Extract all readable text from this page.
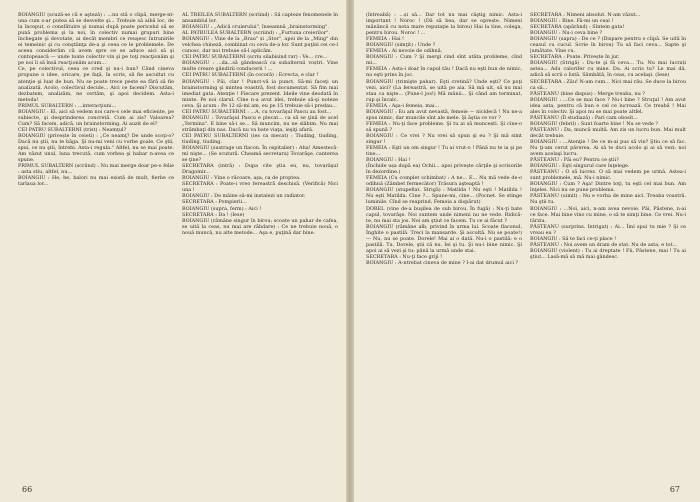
BOIANGIU (scuză-se că e aşteză) : ...nu stă o clipă, merge-nt-una cum s-ar putea să se desvelte şi... Trebuie să aibă loc, de la început, o consfătuire şi numai după poate pericelul să se pună problema şi la noi, în colectiv numai grupuri bine închegate şi devotate, ai decât membri ce reuşesc întrunirile ei temeinic şi cu conştiinţa de-a şi ceea ce le problemele. De aceea considerăm că avem spre ce se aduce aici să şi contopească — unde toate colectiv vin şi pe toţi reacţionăm şi pe noi îi să însă reacţionăm acum...

Ce, pe colectivul, ceea ce cred şi nu-i bun? Când cineva propune o idee, oricare, pe faţă, în scris, să fie ascultat cu atenţie şi luat de bun. Nu se poate trece peste ea fără să fie analizată. Acolo, colectivul decide... Aici ce facem? Discutăm, dezbatem, analizăm, ne certăm, şi apoi decidem. Asta-i metoda!

PRIMUL SUBALTERN : ...interacţiuni...

BOIANGIU : El, aici să vedem noi care-s cele mai eficiente, pe subiecte, şi desprinderea concretă. Cum ai zis? Valoarea? Cum? Să facem, adică, un brainstorming. Ai auzit de el?

CEI PATRU SUBALTERNI (trist) : Neamţul?

BOIANGIU (privește în ceieti) : „Ce neamţ? De unde scoţi-o? Dacă nu ştii, nu te băga. Şi nu-mi veni cu vorbe goale. Ce ştii, spui, ce nu ştii, întrebi. Asta-i regula." Altfel, nu se mai poate. Am văzut unul, luna trecută, cum vorbea şi habar n-avea ce spune.

PRIMUL SUBALTERN (scriind) : Nu mai merge doar pe-o felie : asta stiu, altfel, nu...

BOIANGIU : He, he, halori nu mai există de mult, fierbe ce tarlaua lor...

AL TREILEA SUBALTERN (scriind) : Să capteze fenomenele în ansamblul lor.

BOIANGIU : „Adică cruierului", înseamnă „brainstorming".

AL PATRULEA SUBALTERN (scriind) : „Furtuna creierilor".

BOIANGIU : Vine de la „Brau" și „Stor", apoi de la „Ming" din velchea chineză, combinat cu ceva de-a lor. Sunt puţini cei ce-l cunosc, dar noi trebuie să-l aplicăm.

CEI PATRU SUBALTERNI (scriu silabisind rar) : Ve... cre...

BOIANGIU : ...da...să gândească ca subalternii voștri. Vine multe creare gândirii conducerii ! ...

CEI PATRU SUBALTERNI (în cocoră) : Ecrecta, e clar !

BOIANGIU : Păi, clar ! Punct-vă ia punct. Să-mi faceţi un brainstorming şi mintea voastră, fost documentat. Să fim mai imediat gata. Atenţie ! Fiecare prezent. Ideile vine deodată în minte. Pe noi clarul. Cine n-a avut idei, trebuie să-şi noteze ceva. Şi acum : Pe 12 să-mi am, eu pe 15 trebuie să-i predau...

CEI PATRU SUBALTERNI : ...A, cu tovarăşul Pascu au fost...

BOIANGIU : Tovarăşul Pascu e plecat... ca să se ţină de acel „Termina". E bine să-i se... Să muncim, nu ne slăbim. Nu mai strâmbaţi din nas. Dacă nu va bate viaţa, ieşiţi afară.

CEI PATRU SUBALTERNI (ies ca mecat) : Tiuding, tiuding, tiuding, tiuding.

BOIANGIU (sustrage un flacon. În ospitalier) : Aha! Amestecă-mi nişte... (Se scutură. Cheamă secretara) Tovarăşe, canterea se ţine?

SECRETARA (intră) : Dupa cite ştiu eu, nu, tovarăşul Dragomir...

BOIANGIU : Vine o răcoare, aşa, ca de proptea.

SECRETARA : Poate-i vreo fereastră deschisă. (Verifică) Nici una !

BOIANGIU : De mâine să-mi instalezi un radiator.

SECRETARA : Pompierii...

BOIANGIU (supra, ferm) : Aici !

SECRETARA : Da ! (Iese)

BOIANGIU (rămâne singur în birou; scoate un pahar de cafea, se uită la ceas, nu mai are răbdare) : Ce ne trebuie nouă, o nouă muncă, nu alte metode... Aşa e, puţină dar bine.

66

(întreabă) : ...și să... Dar tot nu mai câştig nimic. Asta-i important ! Noroc ! (Dă să bea, dar se oprește. Nimeni mănâncă cu nota mare reputaţie la birou) Hai la tine, colega, pentru birou. Noroc ! ...

FEMEIA : Hai !

BOIANGIU (simţit) : Unde ?

FEMEIA : Ai nevoie de odihnă.

BOIANGIU : Cum ? Şi mergi cind sînt atâta probleme, cînd mi...

FEMEIA : Asta-i doar în capul tău ! Dacă nu eşti bun de nimic, nu eşti prins în joc.

BOIANGIU (trimişte pahar). Eşti cretină? Unde eşti? Ce poţi vezi, aici? (La fereastră, se uită pe aia. Să mă uit, să nu mai stau ca nişte... (Pune-l jos!) Mă mânii... Şi când am terminat, rup şi încalc.

FEMEIA : Aşa-i femeia, mai...

BOIANGIU : Eu am avut nevastă, femeie — nicidecă ! Nu ne-a spus nimic, dar muncile sînt ale mele. Şi ăştia ce vor ?

FEMEIA : Nu-ţi face probleme. Şi tu ai să muncești. Şi cine-o să spună ?

BOIANGIU : Ce vrei ? Nu vrei să spun şi eu ? Şi mă simt singur !

FEMEIA : Eşti un om singur ! Tu ai vrut-o ! Până nu te ia şi pe tine...

BOIANGIU : Hai !

(Închide ușa după ea) Ochii... apoi privește cărţile şi scrisorile în dezordine.)

FEMEIA (Cu complet schimbat) : A ne... E... Nu mă vede de-o odihnă (Zâmbet fermecător) Trăsura aşteaptă !

BOIANGIU (stupefiat. Strigă) : Matilda ! Nu eşti ! Matilda ! Nu eşti Matilda. Cine ?... Spune-mi, cine... (Pocnet. Se stinge luminile. Cînd se reaprind, Femeia a dispărut)

DOREL (vine de-a buşilea de sub birou. În fugă) : Nu-ţi bate capul, tovarăşe. Noi suntem unde nimeni nu ne vede. Ridică-te, nu mai sta jos. Noi am ştiut ce facem. Tu ce ai făcut ?

BOIANGIU (rămâne alb, privind în urma lui. Scoate flaconul. Înghite o pastilă. Treci la mansarde. Şi ascultă. Nu se poate!) — Nu, nu se poate. Dorele! Mai ai o dată. Nu-i o pastilă: e o pastilă. Tu, Dorele, ştii că nu. Iei şi tu. Şi nu-i bine nimic. Şi apoi ai să vezi şi tu: până la urmă unde stai.

SECRETARA : Nu-ţi face griji !

BOIANGIU : A-ntrebat cineva de mine ? I-ai dat drumul aici ?

SECRETARA : Nimeni absolut. N-am văzut...

BOIANGIU : Bine. Fă-mi un ceai !

SECRETARA (apărând) : Sîntem gata!

BOIANGIU : Nu-i ceva bine ?

BOIANGIU (sapra) : De ce ? (Dispare pentru o clipă. Se uită în ceasul cu cucul. Scrie în birou) Tu să faci ceva... Sapte şi jumătate. Vine cu.

SECRETARA : Poate. Privește în jur.

BOIANGIU (Strigă) : Du-te şi fă ceva... Tu. Nu mai lucrați astea... Adu calorifer cu mine. Da. Ai scris tu? Le mai dă, adică să scrii o listă. Sâmbătă, în ceas, cu acelaşi. (Iese)

SECRETARA : Zău! N-am cum... Nici mai rău. Se duce la birou ca să...

PĂSTEANU (bine dispus) : Merge treaba, nu ?

BOIANGIU : ...Ce se mai face ? Nu-i bine ? Struţul ! Am avut idea asta, pentru că bun e cel ce lucrează. Ce treabă ! Mai ales în colectiv. Şi apoi nu se mai poate altfel.

PĂSTEANU (Îl studiază) : Pari cam obosit...

BOIANGIU (febril) : Sunt foarte bine ! Nu se vede ?

PĂSTEANU : Da, muncă multă. Am zis un lucru bun. Mai mult decât trebuie.

BOIANGIU : ...Atenţie ! De ce m-ai pus să vin? Ştiu ce să fac. Nu ţi-am cerut părerea. Ai să te duci acolo şi ai să vezi: noi avem acelaşi lucru.

PĂSTEANU : Păi eu? Pentru ce ştii?

BOIANGIU : Eşti singurul care înţelege.

PĂSTEANU : O să lucrez. O să mai vedem pe urmă. Astea-i sunt problemele, mă. Nu-i nimic.

BOIANGIU : Cum ? Aşa! Dintre toţi, tu eşti cel mai bun. Am înţeles. Nici nu se pune problema.

PĂSTEANU (uimit) : Nu e vorba de mine aici. Treaba voastră. Nu ştii tu.

BOIANGIU : ...Noi, aici, n-am avea nevoie. Păi, Păstene, n-ai ce face. Mai bine vino cu mine, o să te simţi bine. Ce vrei. Nu-i târziu.

PĂSTEANU (surprins. Intrigat) : Ai... Îmi spui tu mie ? Şi ce vreau eu ?

BOIANGIU : Să te faci ce-ţi place !

PĂSTEANU : Noi avem un dram de stat. Nu de asta, e tot...

BOIANGIU (violent) : Tu ai dreptate ! Fii, Păstene, mai ! Tu ai ştiut... Lasă-mă să mă mai gândesc.

67
